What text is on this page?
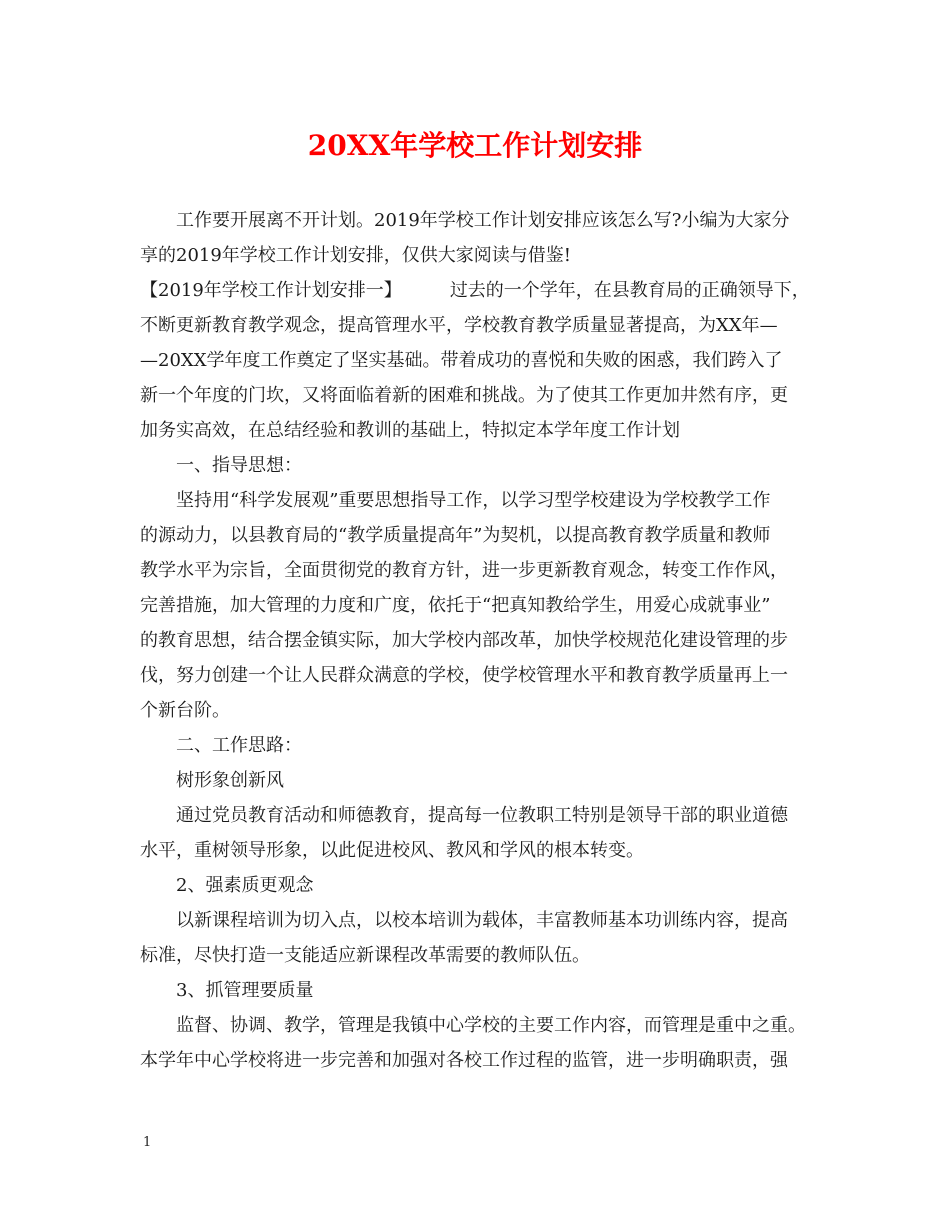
20XX年学校工作计划安排
　　工作要开展离不开计划。2019年学校工作计划安排应该怎么写?小编为大家分
享的2019年学校工作计划安排，仅供大家阅读与借鉴!
【2019年学校工作计划安排一】	过去的一个学年，在县教育局的正确领导下，
不断更新教育教学观念，提高管理水平，学校教育教学质量显著提高，为XX年—
—20XX学年度工作奠定了坚实基础。带着成功的喜悦和失败的困惑，我们跨入了
新一个年度的门坎，又将面临着新的困难和挑战。为了使其工作更加井然有序，更
加务实高效，在总结经验和教训的基础上，特拟定本学年度工作计划
　　一、指导思想：
　　坚持用“科学发展观”重要思想指导工作，以学习型学校建设为学校教学工作
的源动力，以县教育局的“教学质量提高年”为契机，以提高教育教学质量和教师
教学水平为宗旨，全面贯彻党的教育方针，进一步更新教育观念，转变工作作风，
完善措施，加大管理的力度和广度，依托于“把真知教给学生，用爱心成就事业”
的教育思想，结合摆金镇实际，加大学校内部改革，加快学校规范化建设管理的步
伐，努力创建一个让人民群众满意的学校，使学校管理水平和教育教学质量再上一
个新台阶。
　　二、工作思路：
　　树形象创新风
　　通过党员教育活动和师德教育，提高每一位教职工特别是领导干部的职业道德
水平，重树领导形象，以此促进校风、教风和学风的根本转变。
　　2、强素质更观念
　　以新课程培训为切入点，以校本培训为载体，丰富教师基本功训练内容，提高
标准，尽快打造一支能适应新课程改革需要的教师队伍。
　　3、抓管理要质量
　　监督、协调、教学，管理是我镇中心学校的主要工作内容，而管理是重中之重。
本学年中心学校将进一步完善和加强对各校工作过程的监管，进一步明确职责，强
1
